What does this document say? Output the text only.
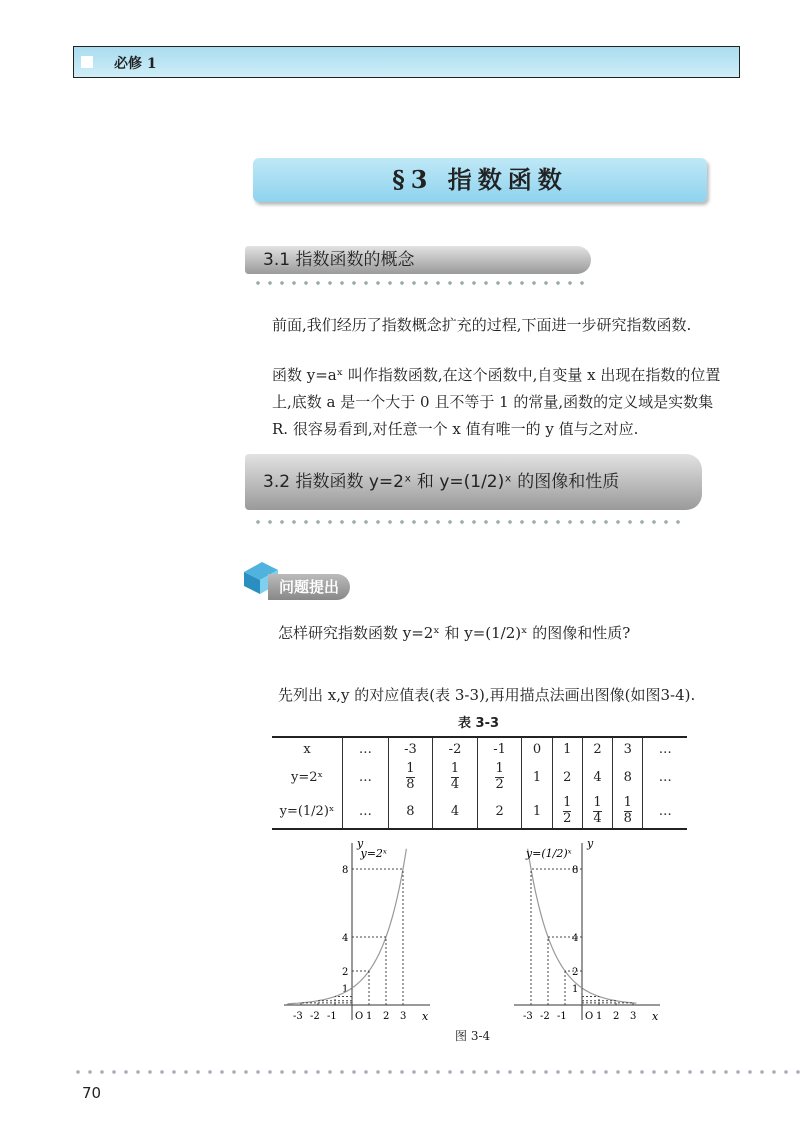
必修 1
§3 指数函数
3.1 指数函数的概念
前面,我们经历了指数概念扩充的过程,下面进一步研究指数函数.
函数 y=aˣ 叫作指数函数,在这个函数中,自变量 x 出现在指数的位置上,底数 a 是一个大于 0 且不等于 1 的常量,函数的定义域是实数集 R. 很容易看到,对任意一个 x 值有唯一的 y 值与之对应.
3.2 指数函数 y=2ˣ 和 y=(1/2)ˣ 的图像和性质
问题提出
怎样研究指数函数 y=2ˣ 和 y=(1/2)ˣ 的图像和性质?
先列出 x,y 的对应值表(表 3-3),再用描点法画出图像(如图3-4).
表 3-3
x	…	-3	-2	-1	0	1	2	3	…
y=2ˣ	…	$\frac{1}{8}$	$\frac{1}{4}$	$\frac{1}{2}$	1	2	4	8	…
y=(1/2)ˣ	…	8	4	2	1	$\frac{1}{2}$	$\frac{1}{4}$	$\frac{1}{8}$	…
y
x
O
-3 -2 -1	1 2 3
1
2
4
8
y=2ˣ
y
x
O
-3 -2 -1	1 2 3
1
2
4
8
y=(1/2)ˣ
图 3-4
70
